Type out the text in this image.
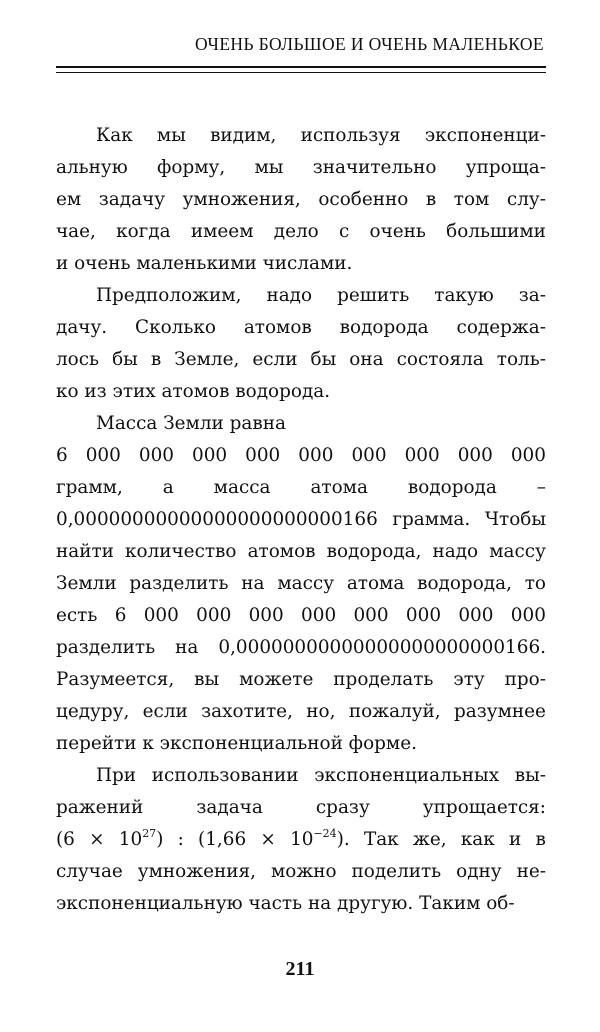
ОЧЕНЬ БОЛЬШОЕ И ОЧЕНЬ МАЛЕНЬКОЕ
Как мы видим, используя экспоненци-
альную форму, мы значительно упроща-
ем задачу умножения, особенно в том слу-
чае, когда имеем дело с очень большими
и очень маленькими числами.
Предположим, надо решить такую за-
дачу. Сколько атомов водорода содержа-
лось бы в Земле, если бы она состояла толь-
ко из этих атомов водорода.
Масса Земли равна
6 000 000 000 000 000 000 000 000 000
грамм, а масса атома водорода –
0,00000000000000000000000166 грамма. Чтобы
найти количество атомов водорода, надо массу
Земли разделить на массу атома водорода, то
есть 6 000 000 000 000 000 000 000 000
разделить на 0,00000000000000000000000166.
Разумеется, вы можете проделать эту про-
цедуру, если захотите, но, пожалуй, разумнее
перейти к экспоненциальной форме.
При использовании экспоненциальных вы-
ражений	задача	сразу	упрощается:
$(6 \times 10^{27})$ : $(1,66 \times 10^{-24})$. Так же, как и в
случае умножения, можно поделить одну не-
экспоненциальную часть на другую. Таким об-
211
